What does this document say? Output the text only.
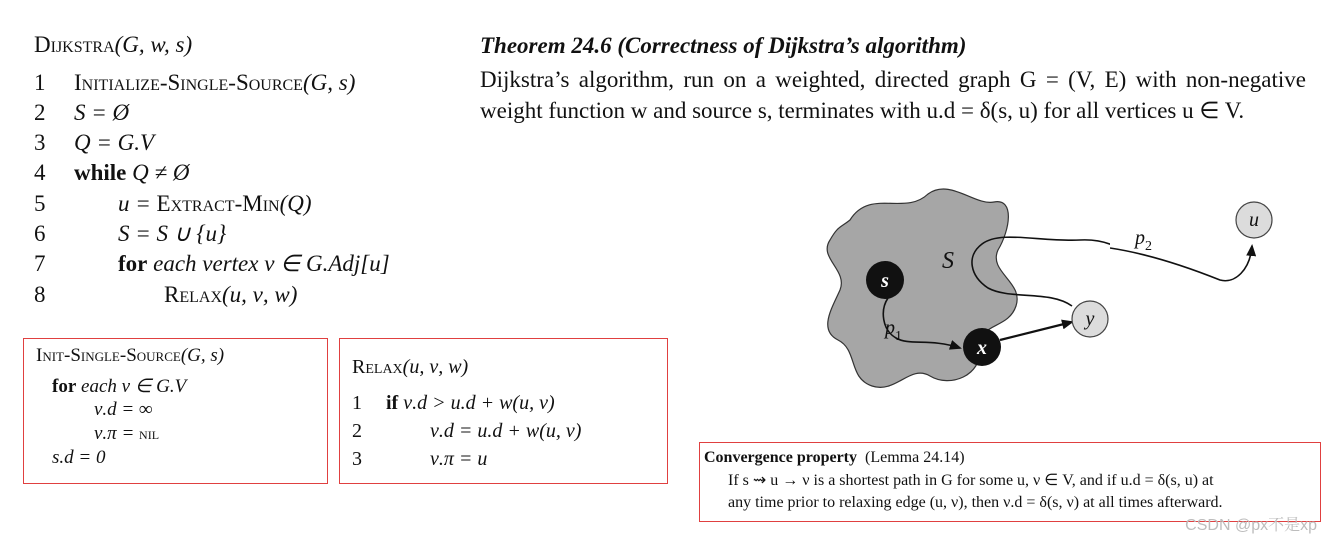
Dijkstra(G, w, s)
1	Initialize-Single-Source(G, s)
2	S = Ø
3	Q = G.V
4	while Q ≠ Ø
5	u = Extract-Min(Q)
6	S = S ∪ {u}
7	for each vertex ν ∈ G.Adj[u]
8	Relax(u, ν, w)
Init-Single-Source(G, s)
for each ν ∈ G.V
ν.d = ∞
ν.π = nil
s.d = 0
Relax(u, ν, w)
1 if ν.d > u.d + w(u, ν)
2	ν.d = u.d + w(u, ν)
3	ν.π = u
Theorem 24.6 (Correctness of Dijkstra’s algorithm)
Dijkstra’s algorithm, run on a weighted, directed graph G = (V, E) with non-negative weight function w and source s, terminates with u.d = δ(s, u) for all vertices u ∈ V.
s
x
y
S
$p_1$
u
$p_2$
Convergence property (Lemma 24.14)
If s ⇝ u → ν is a shortest path in G for some u, ν ∈ V, and if u.d = δ(s, u) at
any time prior to relaxing edge (u, ν), then ν.d = δ(s, ν) at all times afterward.
CSDN @px不是xp
